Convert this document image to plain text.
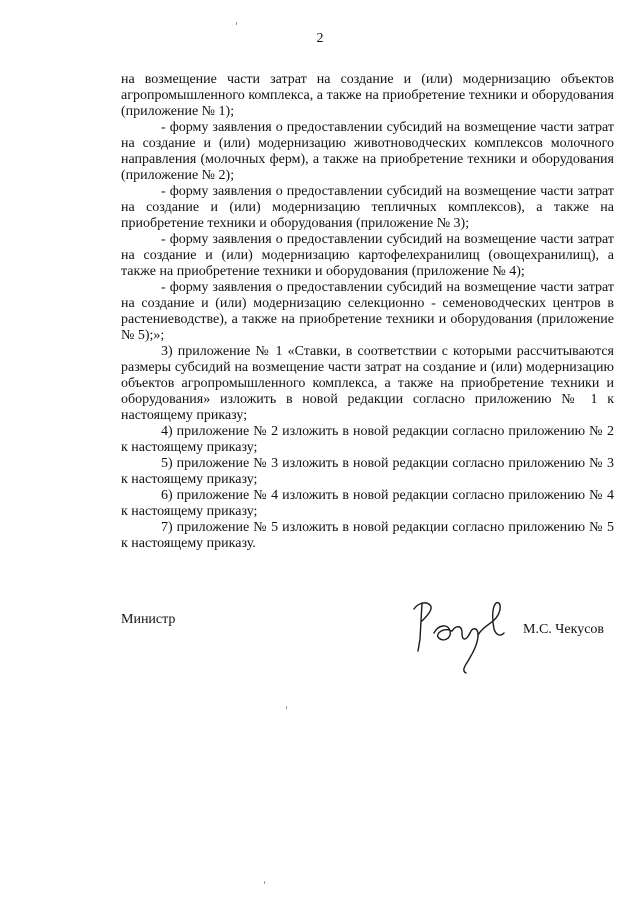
2

на возмещение части затрат на создание и (или) модернизацию объектов агропромышленного комплекса, а также на приобретение техники и оборудования (приложение № 1);

- форму заявления о предоставлении субсидий на возмещение части затрат на создание и (или) модернизацию животноводческих комплексов молочного направления (молочных ферм), а также на приобретение техники и оборудования (приложение № 2);

- форму заявления о предоставлении субсидий на возмещение части затрат на создание и (или) модернизацию тепличных комплексов), а также на приобретение техники и оборудования (приложение № 3);

- форму заявления о предоставлении субсидий на возмещение части затрат на создание и (или) модернизацию картофелехранилищ (овощехранилищ), а также на приобретение техники и оборудования (приложение № 4);

- форму заявления о предоставлении субсидий на возмещение части затрат на создание и (или) модернизацию селекционно - семеноводческих центров в растениеводстве), а также на приобретение техники и оборудования (приложение № 5);»;

3) приложение № 1 «Ставки, в соответствии с которыми рассчитываются размеры субсидий на возмещение части затрат на создание и (или) модернизацию объектов агропромышленного комплекса, а также на приобретение техники и оборудования» изложить в новой редакции согласно приложению № 1 к настоящему приказу;

4) приложение № 2 изложить в новой редакции согласно приложению № 2 к настоящему приказу;

5) приложение № 3 изложить в новой редакции согласно приложению № 3 к настоящему приказу;

6) приложение № 4 изложить в новой редакции согласно приложению № 4 к настоящему приказу;

7) приложение № 5 изложить в новой редакции согласно приложению № 5 к настоящему приказу.

Министр
М.С. Чекусов
